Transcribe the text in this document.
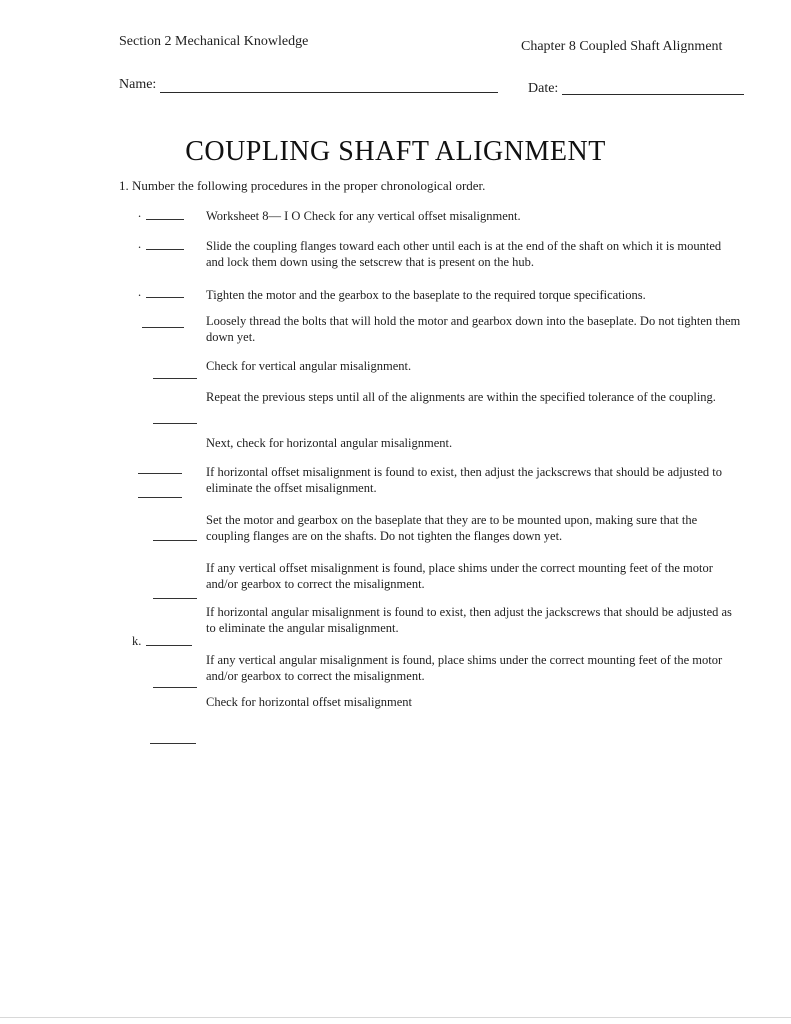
Section 2 Mechanical Knowledge	Chapter 8 Coupled Shaft Alignment
Name:	Date:
COUPLING SHAFT ALIGNMENT
1. Number the following procedures in the proper chronological order.
Worksheet 8— I O Check for any vertical offset misalignment.
Slide the coupling flanges toward each other until each is at the end of the shaft on which it is mounted and lock them down using the setscrew that is present on the hub.
Tighten the motor and the gearbox to the baseplate to the required torque specifications.
Loosely thread the bolts that will hold the motor and gearbox down into the baseplate. Do not tighten them down yet.
Check for vertical angular misalignment.
Repeat the previous steps until all of the alignments are within the specified tolerance of the coupling.
Next, check for horizontal angular misalignment.
If horizontal offset misalignment is found to exist, then adjust the jackscrews that should be adjusted to eliminate the offset misalignment.
Set the motor and gearbox on the baseplate that they are to be mounted upon, making sure that the coupling flanges are on the shafts. Do not tighten the flanges down yet.
If any vertical offset misalignment is found, place shims under the correct mounting feet of the motor and/or gearbox to correct the misalignment.
If horizontal angular misalignment is found to exist, then adjust the jackscrews that should be adjusted as to eliminate the angular misalignment.
If any vertical angular misalignment is found, place shims under the correct mounting feet of the motor and/or gearbox to correct the misalignment.
Check for horizontal offset misalignment
.
.
.
k.
